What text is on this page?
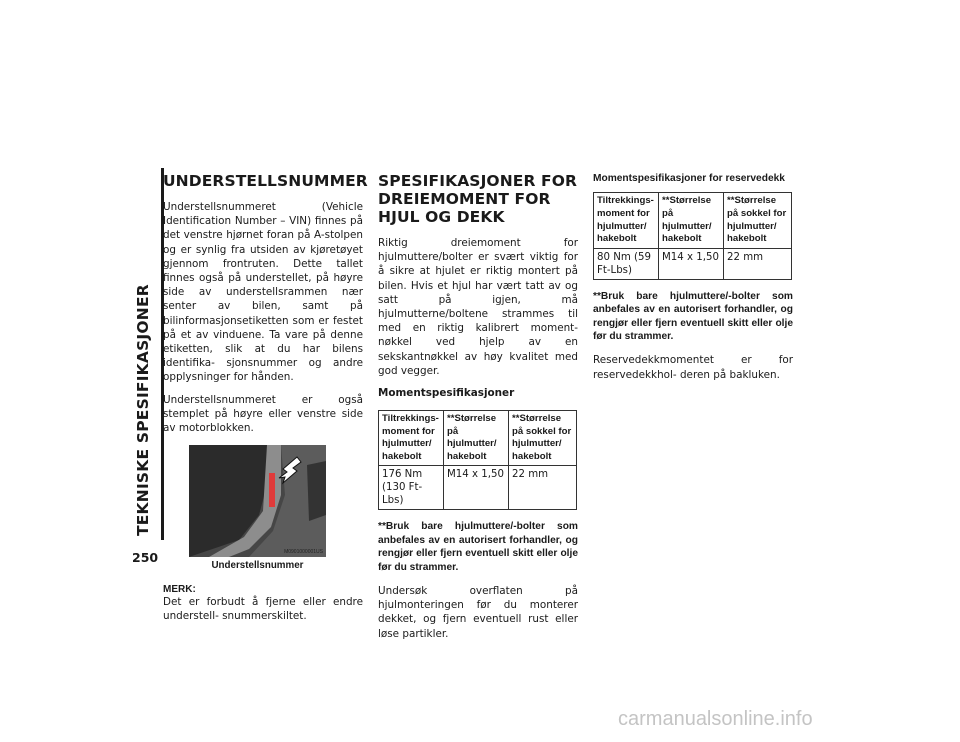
TEKNISKE SPESIFIKASJONER
250
UNDERSTELLSNUMMER

Understellsnummeret (Vehicle Identification Number – VIN) finnes på det venstre hjørnet foran på A-stolpen og er synlig fra utsiden av kjøretøyet gjennom frontruten. Dette tallet finnes også på understellet, på høyre side av understellsrammen nær senter av bilen, samt på bilinformasjonsetiketten som er festet på et av vinduene. Ta vare på denne etiketten, slik at du har bilens identifika- sjonsnummer og andre opplysninger for hånden.

Understellsnummeret er også stemplet på høyre eller venstre side av motorblokken.

M0901000001US
Understellsnummer

MERK:

Det er forbudt å fjerne eller endre understell- snummerskiltet.

SPESIFIKASJONER FOR DREIEMOMENT FOR HJUL OG DEKK

Riktig dreiemoment for hjulmuttere/bolter er svært viktig for å sikre at hjulet er riktig montert på bilen. Hvis et hjul har vært tatt av og satt på igjen, må hjulmutterne/boltene strammes til med en riktig kalibrert moment- nøkkel ved hjelp av en sekskantnøkkel av høy kvalitet med god vegger.

Momentspesifikasjoner
Tiltrekkings- moment for hjulmutter/ hakebolt	**Størrelse på hjulmutter/ hakebolt	**Størrelse på sokkel for hjulmutter/ hakebolt
176 Nm (130 Ft-Lbs)	M14 x 1,50	22 mm

**Bruk bare hjulmuttere/-bolter som anbefales av en autorisert forhandler, og rengjør eller fjern eventuell skitt eller olje før du strammer.

Undersøk overflaten på hjulmonteringen før du monterer dekket, og fjern eventuell rust eller løse partikler.

Momentspesifikasjoner for reservedekk
Tiltrekkings- moment for hjulmutter/ hakebolt	**Størrelse på hjulmutter/ hakebolt	**Størrelse på sokkel for hjulmutter/ hakebolt
80 Nm (59 Ft-Lbs)	M14 x 1,50	22 mm

**Bruk bare hjulmuttere/-bolter som anbefales av en autorisert forhandler, og rengjør eller fjern eventuell skitt eller olje før du strammer.

Reservedekkmomentet er for reservedekkhol- deren på bakluken.

carmanualsonline.info
